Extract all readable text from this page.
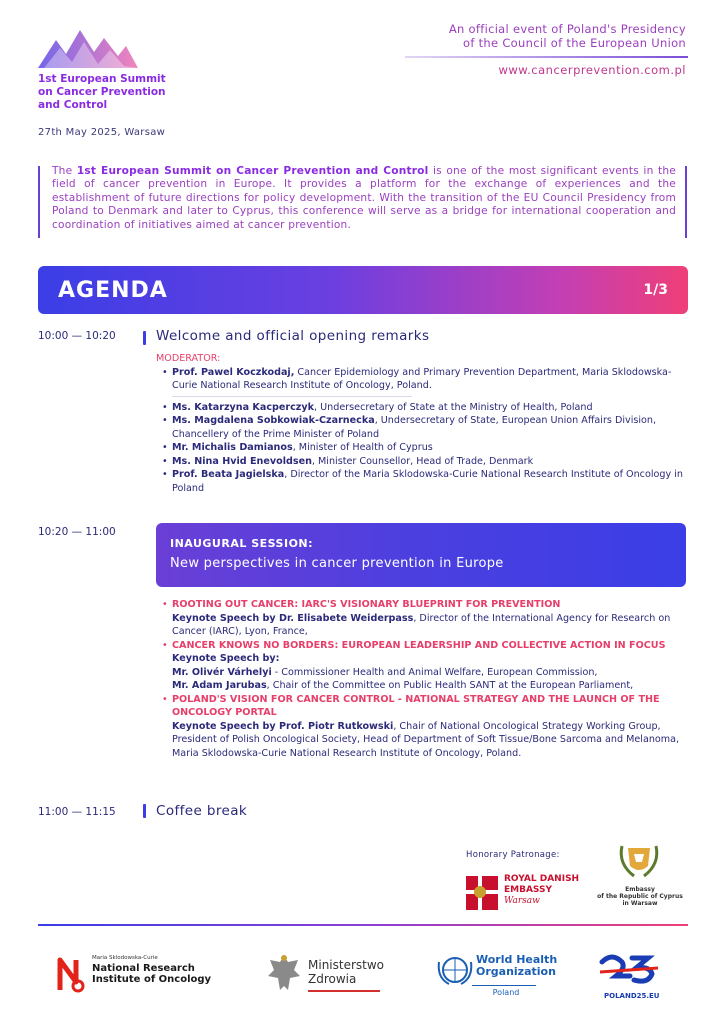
1st European Summit
on Cancer Prevention
and Control
27th May 2025, Warsaw
An official event of Poland's Presidency
of the Council of the European Union
www.cancerprevention.com.pl

The 1st European Summit on Cancer Prevention and Control is one of the most significant events in the field of cancer prevention in Europe. It provides a platform for the exchange of experiences and the establishment of future directions for policy development. With the transition of the EU Council Presidency from Poland to Denmark and later to Cyprus, this conference will serve as a bridge for international cooperation and coordination of initiatives aimed at cancer prevention.

AGENDA	1/3
10:00 — 10:20	Welcome and official opening remarks
MODERATOR:
• Prof. Pawel Koczkodaj, Cancer Epidemiology and Primary Prevention Department, Maria Sklodowska-Curie National Research Institute of Oncology, Poland.
• Ms. Katarzyna Kacperczyk, Undersecretary of State at the Ministry of Health, Poland
• Ms. Magdalena Sobkowiak-Czarnecka, Undersecretary of State, European Union Affairs Division, Chancellery of the Prime Minister of Poland
• Mr. Michalis Damianos, Minister of Health of Cyprus
• Ms. Nina Hvid Enevoldsen, Minister Counsellor, Head of Trade, Denmark
• Prof. Beata Jagielska, Director of the Maria Sklodowska-Curie National Research Institute of Oncology in Poland
10:20 — 11:00
INAUGURAL SESSION:
New perspectives in cancer prevention in Europe
• ROOTING OUT CANCER: IARC'S VISIONARY BLUEPRINT FOR PREVENTION
Keynote Speech by Dr. Elisabete Weiderpass, Director of the International Agency for Research on Cancer (IARC), Lyon, France,
• CANCER KNOWS NO BORDERS: EUROPEAN LEADERSHIP AND COLLECTIVE ACTION IN FOCUS
Keynote Speech by:
Mr. Olivér Várhelyi - Commissioner Health and Animal Welfare, European Commission,
Mr. Adam Jarubas, Chair of the Committee on Public Health SANT at the European Parliament,
• POLAND'S VISION FOR CANCER CONTROL - NATIONAL STRATEGY AND THE LAUNCH OF THE ONCOLOGY PORTAL
Keynote Speech by Prof. Piotr Rutkowski, Chair of National Oncological Strategy Working Group, President of Polish Oncological Society, Head of Department of Soft Tissue/Bone Sarcoma and Melanoma, Maria Sklodowska-Curie National Research Institute of Oncology, Poland.
11:00 — 11:15	Coffee break
Honorary Patronage:
ROYAL DANISH
EMBASSY
Warsaw
Embassy
of the Republic of Cyprus
in Warsaw
Maria Sklodowska-Curie
National Research
Institute of Oncology
Ministerstwo
Zdrowia
World Health
Organization
Poland	POLAND25.EU
